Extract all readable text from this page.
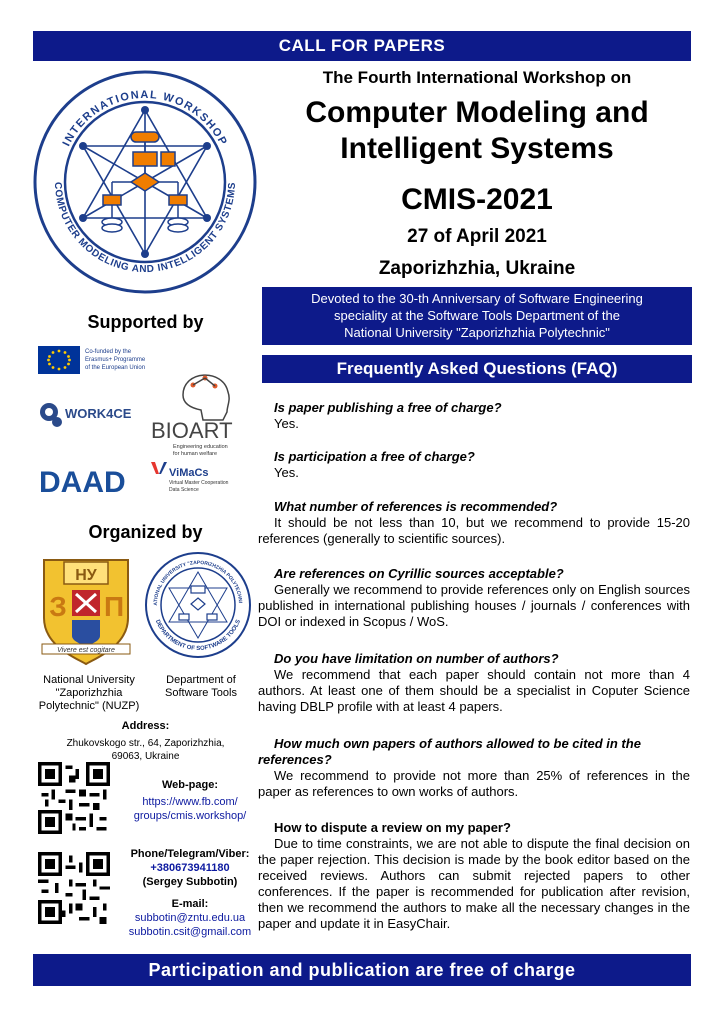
CALL FOR PAPERS
INTERNATIONAL WORKSHOP
COMPUTER MODELING AND INTELLIGENT SYSTEMS
The Fourth International Workshop on
Computer Modeling and
Intelligent Systems
CMIS-2021
27 of April 2021
Zaporizhzhia, Ukraine
Devoted to the 30-th Anniversary of Software Engineering
speciality at the Software Tools Department of the
National University "Zaporizhzhia Polytechnic"
Frequently Asked Questions (FAQ)
Is paper publishing a free of charge?
Yes.
Is participation a free of charge?
Yes.
What number of references is recommended?
It should be not less than 10, but we recommend to provide 15-20 references (generally to scientific sources).
Are references on Cyrillic sources acceptable?
Generally we recommend to provide references only on English sources published in international publishing houses / journals / conferences with DOI or indexed in Scopus / WoS.
Do you have limitation on number of authors?
We recommend that each paper should contain not more than 4 authors. At least one of them should be a specialist in Coputer Science having DBLP profile with at least 4 papers.
How much own papers of authors allowed to be cited in the references?
We recommend to provide not more than 25% of references in the paper as references to own works of authors.
How to dispute a review on my paper?
Due to time constraints, we are not able to dispute the final decision on the paper rejection. This decision is made by the book editor based on the received reviews. Authors can submit rejected papers to other conferences. If the paper is recommended for publication after revision, then we recommend the authors to make all the necessary changes in the paper and update it in EasyChair.
Supported by
Co-funded by the
Erasmus+ Programme
of the European Union
WORK4CE
BIOART
Engineering education
for human welfare
DAAD	ViMaCs
Virtual Master Cooperation
Data Science
Organized by
НУ
З П
Vivere est cogitare
ATIONAL UNIVERSITY "ZAPORIZHZHIA POLYTECHNI
DEPARTMENT OF SOFTWARE TOOLS
National University
"Zaporizhzhia
Polytechnic" (NUZP)
Department of
Software Tools
Address:
Zhukovskogo str., 64, Zaporizhzhia,
69063, Ukraine
Web-page:
https://www.fb.com/
groups/cmis.workshop/
Phone/Telegram/Viber:
+380673941180
(Sergey Subbotin)
E-mail:
subbotin@zntu.edu.ua
subbotin.csit@gmail.com
Participation and publication are free of charge
